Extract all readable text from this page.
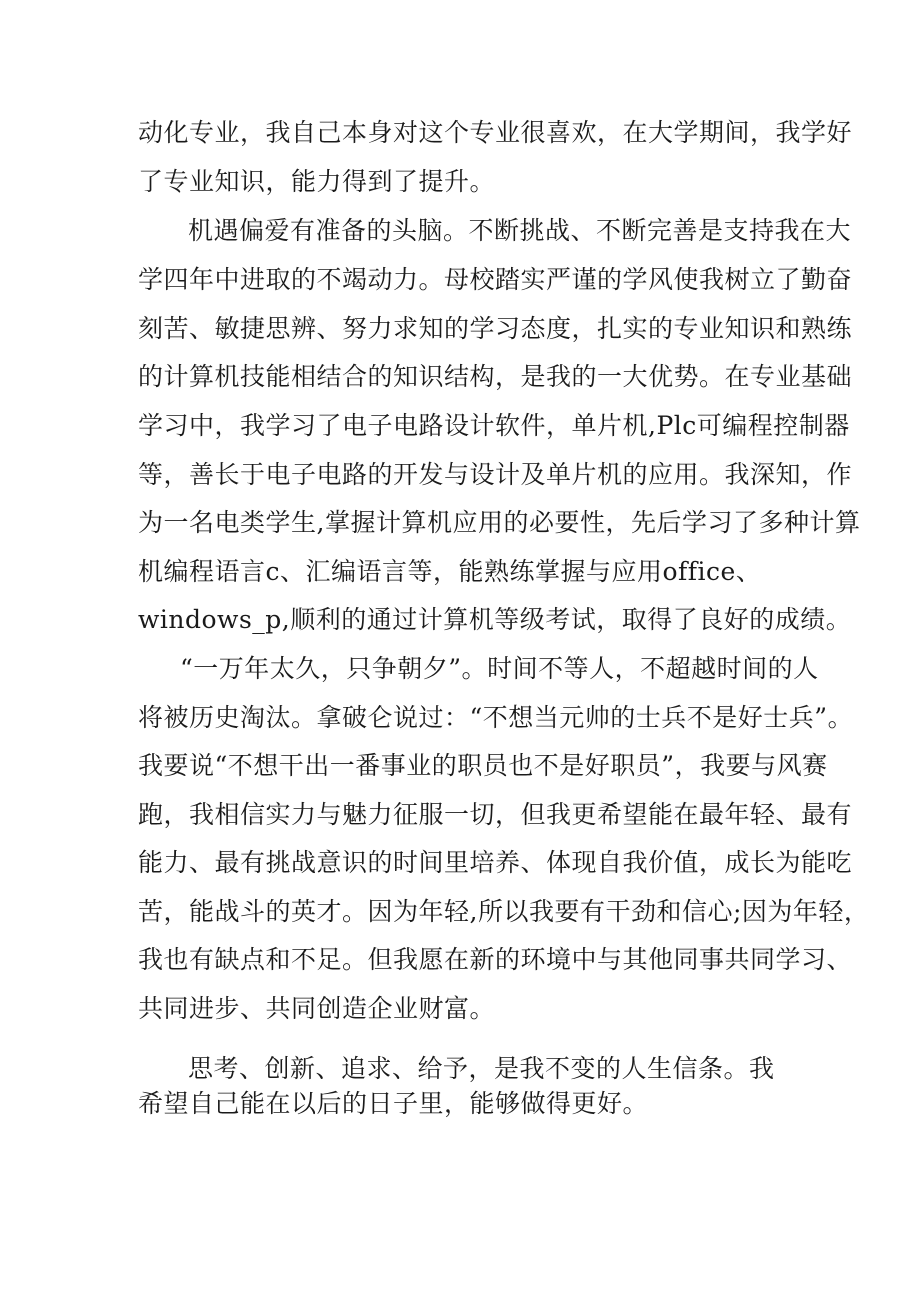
动化专业，我自己本身对这个专业很喜欢，在大学期间，我学好
了专业知识，能力得到了提升。
机遇偏爱有准备的头脑。不断挑战、不断完善是支持我在大
学四年中进取的不竭动力。母校踏实严谨的学风使我树立了勤奋
刻苦、敏捷思辨、努力求知的学习态度，扎实的专业知识和熟练
的计算机技能相结合的知识结构，是我的一大优势。在专业基础
学习中，我学习了电子电路设计软件，单片机,Plc可编程控制器
等，善长于电子电路的开发与设计及单片机的应用。我深知，作
为一名电类学生,掌握计算机应用的必要性，先后学习了多种计算
机编程语言c、汇编语言等，能熟练掌握与应用office、
windows_p,顺利的通过计算机等级考试，取得了良好的成绩。
“一万年太久，只争朝夕”。时间不等人，不超越时间的人
将被历史淘汰。拿破仑说过：“不想当元帅的士兵不是好士兵”。
我要说“不想干出一番事业的职员也不是好职员”，我要与风赛
跑，我相信实力与魅力征服一切，但我更希望能在最年轻、最有
能力、最有挑战意识的时间里培养、体现自我价值，成长为能吃
苦，能战斗的英才。因为年轻,所以我要有干劲和信心;因为年轻，
我也有缺点和不足。但我愿在新的环境中与其他同事共同学习、
共同进步、共同创造企业财富。
思考、创新、追求、给予，是我不变的人生信条。我
希望自己能在以后的日子里，能够做得更好。
